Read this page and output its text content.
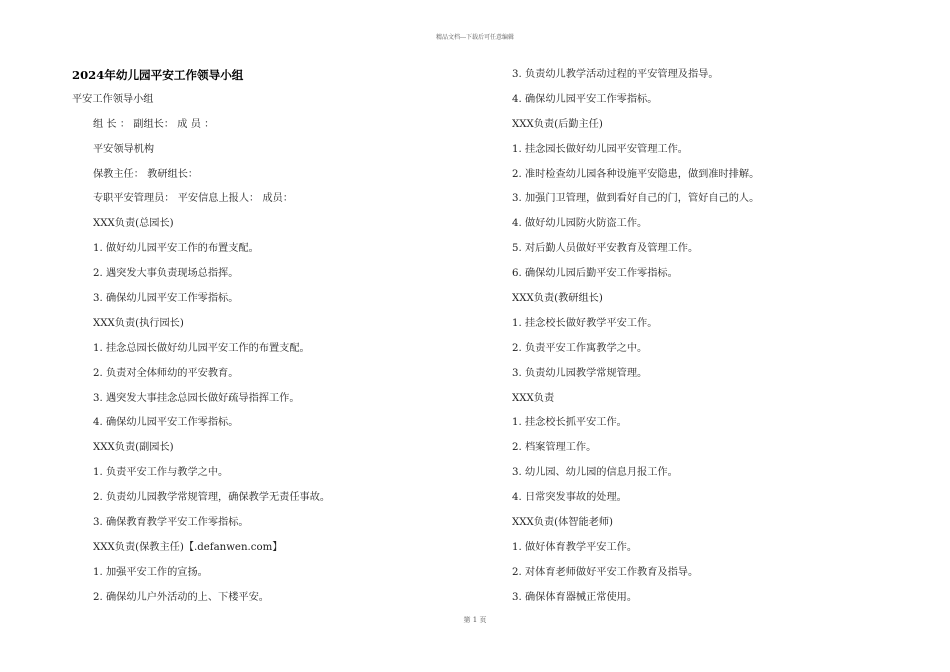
精品文档---下载后可任意编辑
2024年幼儿园平安工作领导小组
平安工作领导小组
组 长 ： 副组长： 成 员 ：
平安领导机构
保教主任： 教研组长：
专职平安管理员： 平安信息上报人： 成员：
XXX负责(总园长)
1. 做好幼儿园平安工作的布置支配。
2. 遇突发大事负责现场总指挥。
3. 确保幼儿园平安工作零指标。
XXX负责(执行园长)
1. 挂念总园长做好幼儿园平安工作的布置支配。
2. 负责对全体师幼的平安教育。
3. 遇突发大事挂念总园长做好疏导指挥工作。
4. 确保幼儿园平安工作零指标。
XXX负责(副园长)
1. 负责平安工作与教学之中。
2. 负责幼儿园教学常规管理，确保教学无责任事故。
3. 确保教育教学平安工作零指标。
XXX负责(保教主任)【.defanwen.com】
1. 加强平安工作的宣扬。
2. 确保幼儿户外活动的上、下楼平安。
3. 负责幼儿教学活动过程的平安管理及指导。
4. 确保幼儿园平安工作零指标。
XXX负责(后勤主任)
1. 挂念园长做好幼儿园平安管理工作。
2. 准时检查幼儿园各种设施平安隐患，做到准时排解。
3. 加强门卫管理，做到看好自己的门，管好自己的人。
4. 做好幼儿园防火防盗工作。
5. 对后勤人员做好平安教育及管理工作。
6. 确保幼儿园后勤平安工作零指标。
XXX负责(教研组长)
1. 挂念校长做好教学平安工作。
2. 负责平安工作寓教学之中。
3. 负责幼儿园教学常规管理。
XXX负责
1. 挂念校长抓平安工作。
2. 档案管理工作。
3. 幼儿园、幼儿园的信息月报工作。
4. 日常突发事故的处理。
XXX负责(体智能老师)
1. 做好体育教学平安工作。
2. 对体育老师做好平安工作教育及指导。
3. 确保体育器械正常使用。
第 1 页
